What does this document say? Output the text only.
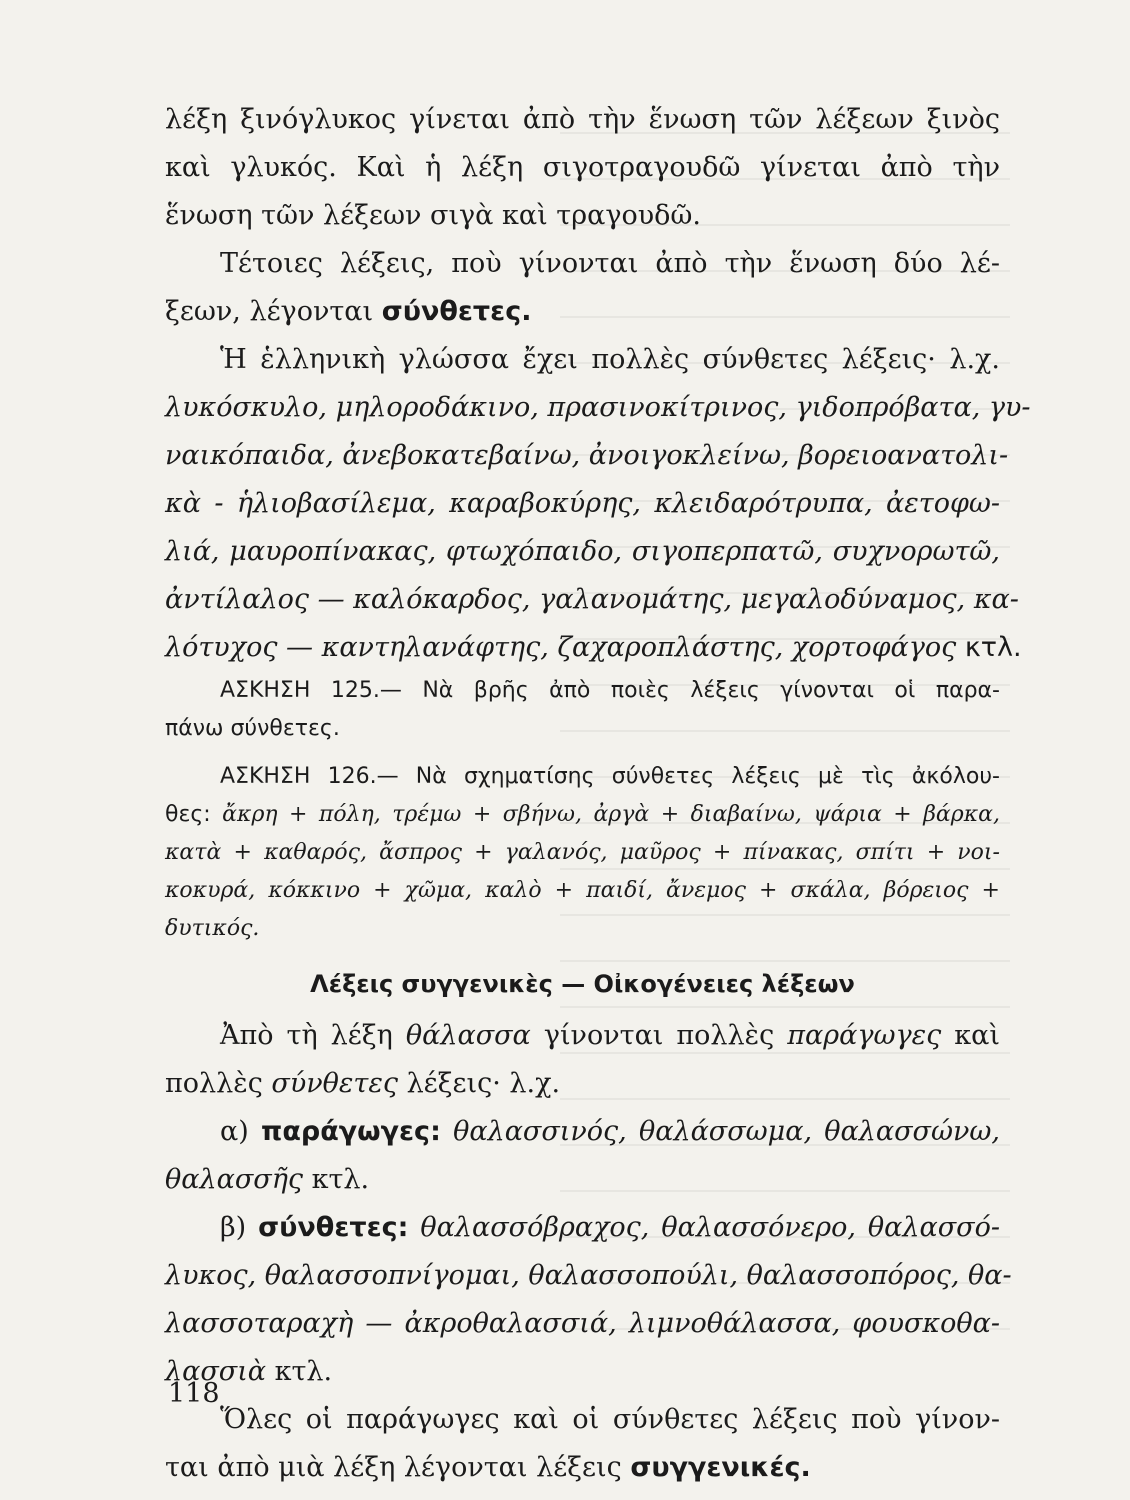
λέξη ξινόγλυκος γίνεται ἀπὸ τὴν ἕνωση τῶν λέξεων ξινὸς
καὶ γλυκός. Καὶ ἡ λέξη σιγοτραγουδῶ γίνεται ἀπὸ τὴν
ἕνωση τῶν λέξεων σιγὰ καὶ τραγουδῶ.
Τέτοιες λέξεις, ποὺ γίνονται ἀπὸ τὴν ἕνωση δύο λέ-
ξεων, λέγονται σύνθετες.
Ἡ ἑλληνικὴ γλώσσα ἔχει πολλὲς σύνθετες λέξεις· λ.χ.
λυκόσκυλο, μηλοροδάκινο, πρασινοκίτρινος, γιδοπρόβατα, γυ-
ναικόπαιδα, ἀνεβοκατεβαίνω, ἀνοιγοκλείνω, βορειοανατολι-
κὰ - ἡλιοβασίλεμα, καραβοκύρης, κλειδαρότρυπα, ἀετοφω-
λιά, μαυροπίνακας, φτωχόπαιδο, σιγοπερπατῶ, συχνορωτῶ,
ἀντίλαλος — καλόκαρδος, γαλανομάτης, μεγαλοδύναμος, κα-
λότυχος — καντηλανάφτης, ζαχαροπλάστης, χορτοφάγος κτλ.
ΑΣΚΗΣΗ 125.— Νὰ βρῆς ἀπὸ ποιὲς λέξεις γίνονται οἱ παρα-
πάνω σύνθετες.
ΑΣΚΗΣΗ 126.— Νὰ σχηματίσης σύνθετες λέξεις μὲ τὶς ἀκόλου-
θες: ἄκρη + πόλη, τρέμω + σβήνω, ἀργὰ + διαβαίνω, ψάρια + βάρκα,
κατὰ + καθαρός, ἄσπρος + γαλανός, μαῦρος + πίνακας, σπίτι + νοι-
κοκυρά, κόκκινο + χῶμα, καλὸ + παιδί, ἄνεμος + σκάλα, βόρειος +
δυτικός.
Λέξεις συγγενικὲς — Οἰκογένειες λέξεων
Ἀπὸ τὴ λέξη θάλασσα γίνονται πολλὲς παράγωγες καὶ
πολλὲς σύνθετες λέξεις· λ.χ.
α) παράγωγες: θαλασσινός, θαλάσσωμα, θαλασσώνω,
θαλασσῆς κτλ.
β) σύνθετες: θαλασσόβραχος, θαλασσόνερο, θαλασσό-
λυκος, θαλασσοπνίγομαι, θαλασσοπούλι, θαλασσοπόρος, θα-
λασσοταραχὴ — ἀκροθαλασσιά, λιμνοθάλασσα, φουσκοθα-
λασσιὰ κτλ.
Ὅλες οἱ παράγωγες καὶ οἱ σύνθετες λέξεις ποὺ γίνον-
ται ἀπὸ μιὰ λέξη λέγονται λέξεις συγγενικές.
118
